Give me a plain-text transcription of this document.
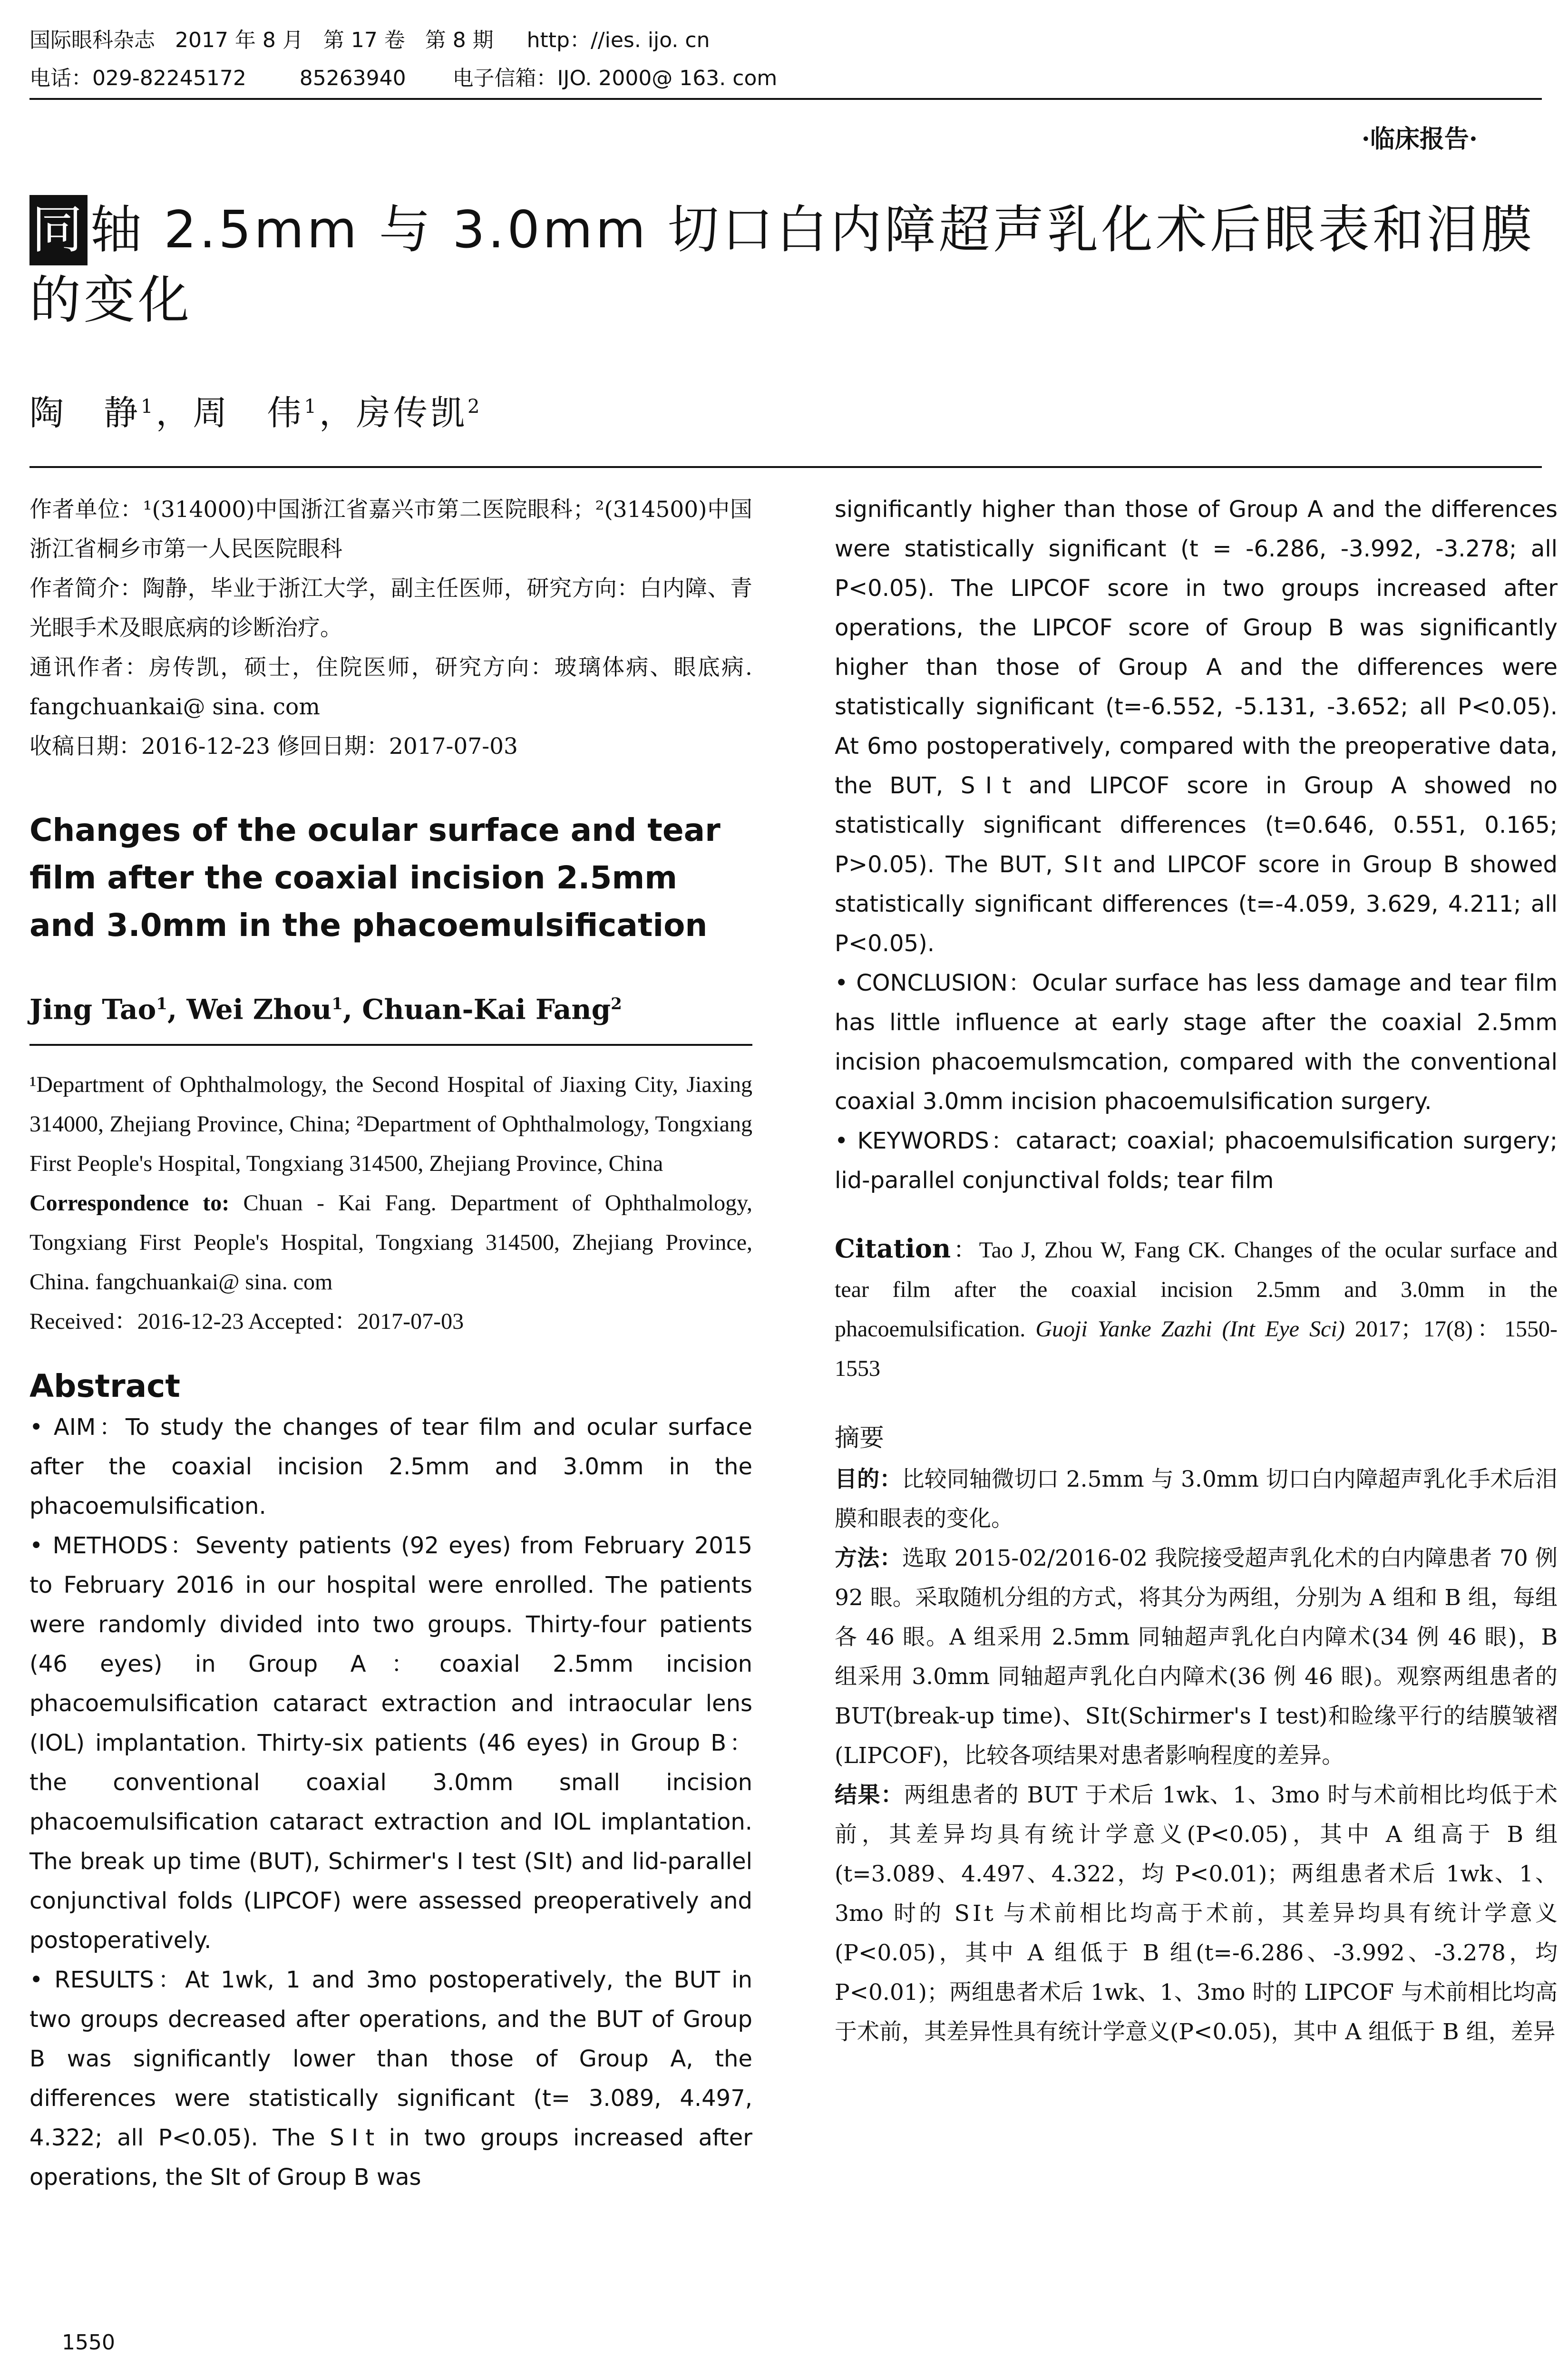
国际眼科杂志   2017 年 8 月   第 17 卷   第 8 期     http：//ies. ijo. cn
电话：029-82245172        85263940       电子信箱：IJO. 2000@ 163. com
·临床报告·
同轴 2.5mm 与 3.0mm 切口白内障超声乳化术后眼表和泪膜的变化
陶　静$^1$，周　伟$^1$，房传凯$^2$

作者单位：¹(314000)中国浙江省嘉兴市第二医院眼科；²(314500)中国浙江省桐乡市第一人民医院眼科

作者简介：陶静，毕业于浙江大学，副主任医师，研究方向：白内障、青光眼手术及眼底病的诊断治疗。

通讯作者：房传凯，硕士，住院医师，研究方向：玻璃体病、眼底病. fangchuankai@ sina. com

收稿日期：2016-12-23 修回日期：2017-07-03

Changes of the ocular surface and tear film after the coaxial incision 2.5mm and 3.0mm in the phacoemulsification

Jing Tao$^1$, Wei Zhou$^1$, Chuan-Kai Fang$^2$

¹Department of Ophthalmology, the Second Hospital of Jiaxing City, Jiaxing 314000, Zhejiang Province, China; ²Department of Ophthalmology, Tongxiang First People's Hospital, Tongxiang 314500, Zhejiang Province, China

Correspondence to: Chuan - Kai Fang. Department of Ophthalmology, Tongxiang First People's Hospital, Tongxiang 314500, Zhejiang Province, China. fangchuankai@ sina. com

Received：2016-12-23 Accepted：2017-07-03

Abstract

• AIM：To study the changes of tear film and ocular surface after the coaxial incision 2.5mm and 3.0mm in the phacoemulsification.

• METHODS：Seventy patients (92 eyes) from February 2015 to February 2016 in our hospital were enrolled. The patients were randomly divided into two groups. Thirty-four patients (46 eyes) in Group A：coaxial 2.5mm incision phacoemulsification cataract extraction and intraocular lens (IOL) implantation. Thirty-six patients (46 eyes) in Group B：the conventional coaxial 3.0mm small incision phacoemulsification cataract extraction and IOL implantation. The break up time (BUT), Schirmer's Ⅰ test (SⅠt) and lid-parallel conjunctival folds (LIPCOF) were assessed preoperatively and postoperatively.

• RESULTS：At 1wk, 1 and 3mo postoperatively, the BUT in two groups decreased after operations, and the BUT of Group B was significantly lower than those of Group A, the differences were statistically significant (t= 3.089, 4.497, 4.322; all P<0.05). The SⅠt in two groups increased after operations, the SⅠt of Group B was

significantly higher than those of Group A and the differences were statistically significant (t = -6.286, -3.992, -3.278; all P<0.05). The LIPCOF score in two groups increased after operations, the LIPCOF score of Group B was significantly higher than those of Group A and the differences were statistically significant (t=-6.552, -5.131, -3.652; all P<0.05). At 6mo postoperatively, compared with the preoperative data, the BUT, SⅠt and LIPCOF score in Group A showed no statistically significant differences (t=0.646, 0.551, 0.165; P>0.05). The BUT, SⅠt and LIPCOF score in Group B showed statistically significant differences (t=-4.059, 3.629, 4.211; all P<0.05).

• CONCLUSION：Ocular surface has less damage and tear film has little influence at early stage after the coaxial 2.5mm incision phacoemulsmcation, compared with the conventional coaxial 3.0mm incision phacoemulsification surgery.

• KEYWORDS：cataract; coaxial; phacoemulsification surgery; lid-parallel conjunctival folds; tear film

Citation：Tao J, Zhou W, Fang CK. Changes of the ocular surface and tear film after the coaxial incision 2.5mm and 3.0mm in the phacoemulsification. Guoji Yanke Zazhi (Int Eye Sci) 2017；17(8)：1550-1553

摘要

目的：比较同轴微切口 2.5mm 与 3.0mm 切口白内障超声乳化手术后泪膜和眼表的变化。

方法：选取 2015-02/2016-02 我院接受超声乳化术的白内障患者 70 例 92 眼。采取随机分组的方式，将其分为两组，分别为 A 组和 B 组，每组各 46 眼。A 组采用 2.5mm 同轴超声乳化白内障术(34 例 46 眼)，B 组采用 3.0mm 同轴超声乳化白内障术(36 例 46 眼)。观察两组患者的 BUT(break-up time)、SⅠt(Schirmer's Ⅰ test)和睑缘平行的结膜皱褶(LIPCOF)，比较各项结果对患者影响程度的差异。

结果：两组患者的 BUT 于术后 1wk、1、3mo 时与术前相比均低于术前，其差异均具有统计学意义(P<0.05)，其中 A 组高于 B 组(t=3.089、4.497、4.322，均 P<0.01)；两组患者术后 1wk、1、3mo 时的 SⅠt 与术前相比均高于术前，其差异均具有统计学意义(P<0.05)，其中 A 组低于 B 组(t=-6.286、-3.992、-3.278，均 P<0.01)；两组患者术后 1wk、1、3mo 时的 LIPCOF 与术前相比均高于术前，其差异性具有统计学意义(P<0.05)，其中 A 组低于 B 组，差异

1550
